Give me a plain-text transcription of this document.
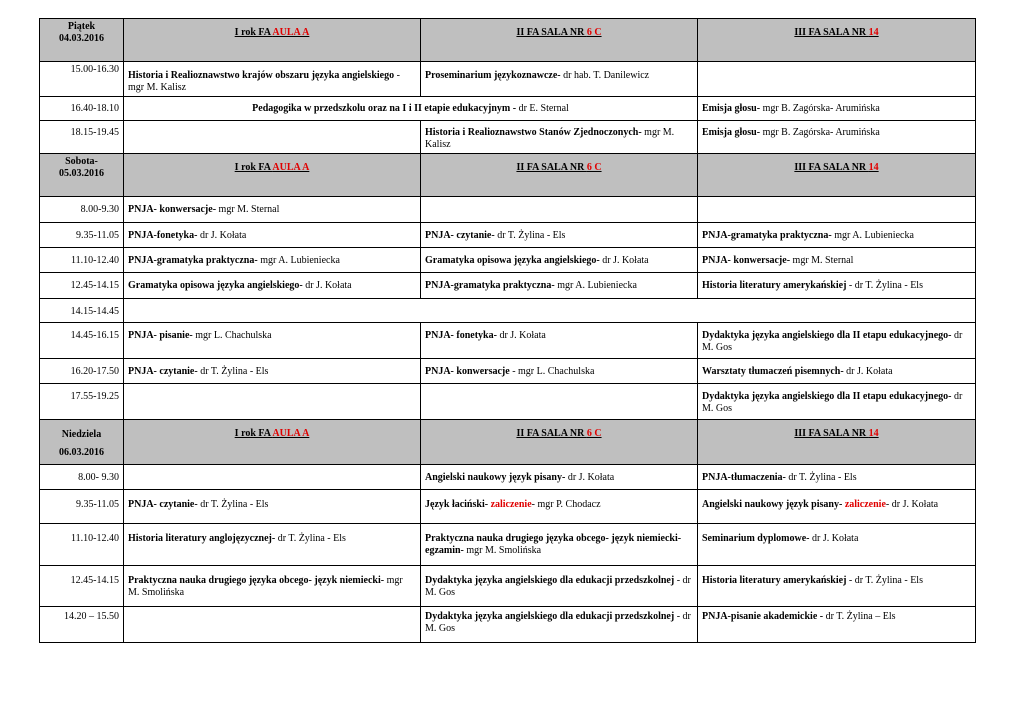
Piątek
04.03.2016	I rok FA AULA A	II FA SALA NR 6 C	III FA SALA NR 14
15.00-16.30	Historia i Realioznawstwo krajów obszaru języka angielskiego - mgr M. Kalisz	Proseminarium językoznawcze- dr hab. T. Danilewicz	
16.40-18.10	Pedagogika w przedszkolu oraz na I i II etapie edukacyjnym - dr E. Sternal		Emisja głosu- mgr B. Zagórska- Arumińska
18.15-19.45		Historia i Realioznawstwo Stanów Zjednoczonych- mgr M. Kalisz	Emisja głosu- mgr B. Zagórska- Arumińska
Sobota-
05.03.2016	I rok FA AULA A	II FA SALA NR 6 C	III FA SALA NR 14
8.00-9.30	PNJA- konwersacje- mgr M. Sternal		
9.35-11.05	PNJA-fonetyka- dr J. Kołata	PNJA- czytanie- dr T. Żylina - Els	PNJA-gramatyka praktyczna- mgr A. Lubieniecka
11.10-12.40	PNJA-gramatyka praktyczna- mgr A. Lubieniecka	Gramatyka opisowa języka angielskiego- dr J. Kołata	PNJA- konwersacje- mgr M. Sternal
12.45-14.15	Gramatyka opisowa języka angielskiego- dr J. Kołata	PNJA-gramatyka praktyczna- mgr A. Lubieniecka	Historia literatury amerykańskiej - dr T. Żylina - Els
14.15-14.45			
14.45-16.15	PNJA- pisanie- mgr L. Chachulska	PNJA- fonetyka- dr J. Kołata	Dydaktyka języka angielskiego dla II etapu edukacyjnego- dr M. Gos
16.20-17.50	PNJA- czytanie- dr T. Żylina - Els	PNJA- konwersacje - mgr L. Chachulska	Warsztaty tłumaczeń pisemnych- dr J. Kołata
17.55-19.25			Dydaktyka języka angielskiego dla II etapu edukacyjnego- dr M. Gos
Niedziela
06.03.2016	I rok FA AULA A	II FA SALA NR 6 C	III FA SALA NR 14
8.00- 9.30		Angielski naukowy język pisany- dr J. Kołata	PNJA-tłumaczenia- dr T. Żylina - Els
9.35-11.05	PNJA- czytanie- dr T. Żylina - Els	Język łaciński- zaliczenie- mgr P. Chodacz	Angielski naukowy język pisany- zaliczenie- dr J. Kołata
11.10-12.40	Historia literatury anglojęzycznej- dr T. Żylina - Els	Praktyczna nauka drugiego języka obcego- język niemiecki- egzamin- mgr M. Smolińska	Seminarium dyplomowe- dr J. Kołata
12.45-14.15	Praktyczna nauka drugiego języka obcego- język niemiecki- mgr M. Smolińska	Dydaktyka języka angielskiego dla edukacji przedszkolnej - dr M. Gos	Historia literatury amerykańskiej - dr T. Żylina - Els
14.20 – 15.50		Dydaktyka języka angielskiego dla edukacji przedszkolnej - dr M. Gos	PNJA-pisanie akademickie - dr T. Żylina – Els
